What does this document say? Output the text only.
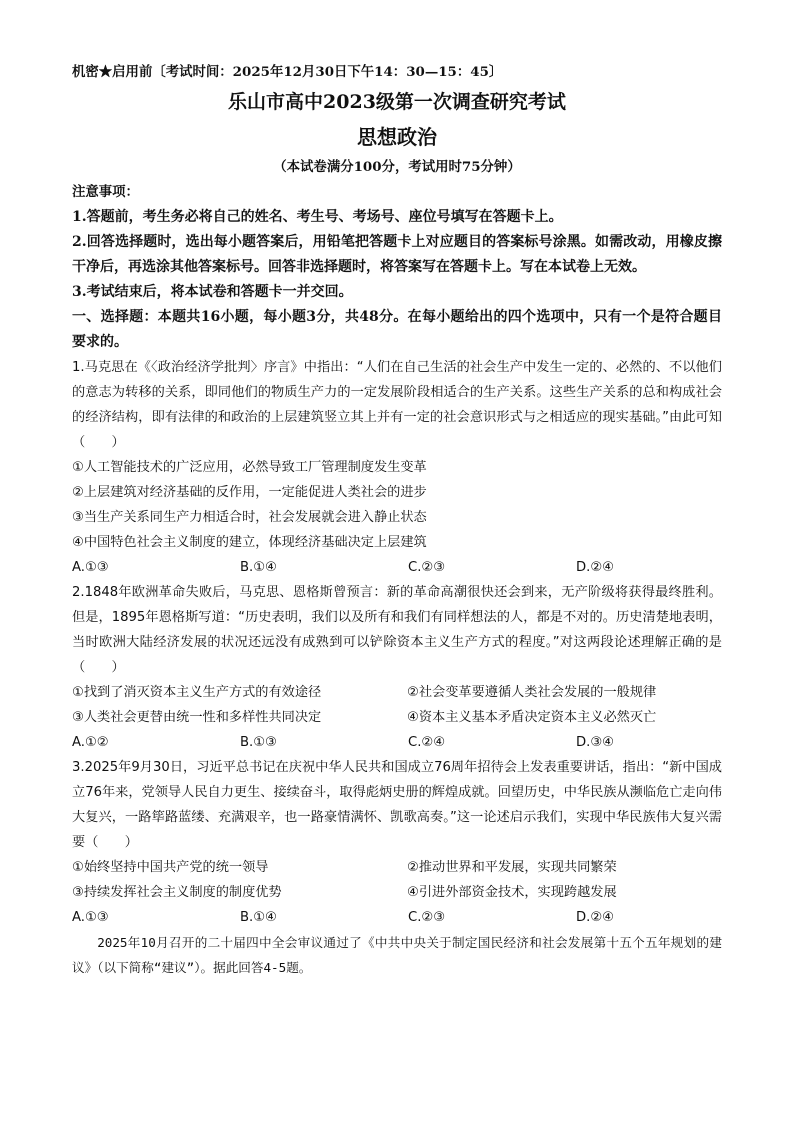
机密★启用前〔考试时间：2025年12月30日下午14：30—15：45〕
乐山市高中2023级第一次调查研究考试
思想政治
（本试卷满分100分，考试用时75分钟）
注意事项：
1.答题前，考生务必将自己的姓名、考生号、考场号、座位号填写在答题卡上。
2.回答选择题时，选出每小题答案后，用铅笔把答题卡上对应题目的答案标号涂黑。如需改动，用橡皮擦干净后，再选涂其他答案标号。回答非选择题时，将答案写在答题卡上。写在本试卷上无效。
3.考试结束后，将本试卷和答题卡一并交回。
一、选择题：本题共16小题，每小题3分，共48分。在每小题给出的四个选项中，只有一个是符合题目要求的。
1.马克思在《〈政治经济学批判〉序言》中指出：“人们在自己生活的社会生产中发生一定的、必然的、不以他们的意志为转移的关系，即同他们的物质生产力的一定发展阶段相适合的生产关系。这些生产关系的总和构成社会的经济结构，即有法律的和政治的上层建筑竖立其上并有一定的社会意识形式与之相适应的现实基础。”由此可知（　　）
①人工智能技术的广泛应用，必然导致工厂管理制度发生变革
②上层建筑对经济基础的反作用，一定能促进人类社会的进步
③当生产关系同生产力相适合时，社会发展就会进入静止状态
④中国特色社会主义制度的建立，体现经济基础决定上层建筑
A.①③	B.①④	C.②③	D.②④
2.1848年欧洲革命失败后，马克思、恩格斯曾预言：新的革命高潮很快还会到来，无产阶级将获得最终胜利。但是，1895年恩格斯写道：“历史表明，我们以及所有和我们有同样想法的人，都是不对的。历史清楚地表明，当时欧洲大陆经济发展的状况还远没有成熟到可以铲除资本主义生产方式的程度。”对这两段论述理解正确的是（　　）
①找到了消灭资本主义生产方式的有效途径	②社会变革要遵循人类社会发展的一般规律
③人类社会更替由统一性和多样性共同决定	④资本主义基本矛盾决定资本主义必然灭亡
A.①②	B.①③	C.②④	D.③④
3.2025年9月30日，习近平总书记在庆祝中华人民共和国成立76周年招待会上发表重要讲话，指出：“新中国成立76年来，党领导人民自力更生、接续奋斗，取得彪炳史册的辉煌成就。回望历史，中华民族从濒临危亡走向伟大复兴，一路筚路蓝缕、充满艰辛，也一路豪情满怀、凯歌高奏。”这一论述启示我们，实现中华民族伟大复兴需要（　　）
①始终坚持中国共产党的统一领导	②推动世界和平发展，实现共同繁荣
③持续发挥社会主义制度的制度优势	④引进外部资金技术，实现跨越发展
A.①③	B.①④	C.②③	D.②④
2025年10月召开的二十届四中全会审议通过了《中共中央关于制定国民经济和社会发展第十五个五年规划的建议》（以下简称“建议”）。据此回答4-5题。
